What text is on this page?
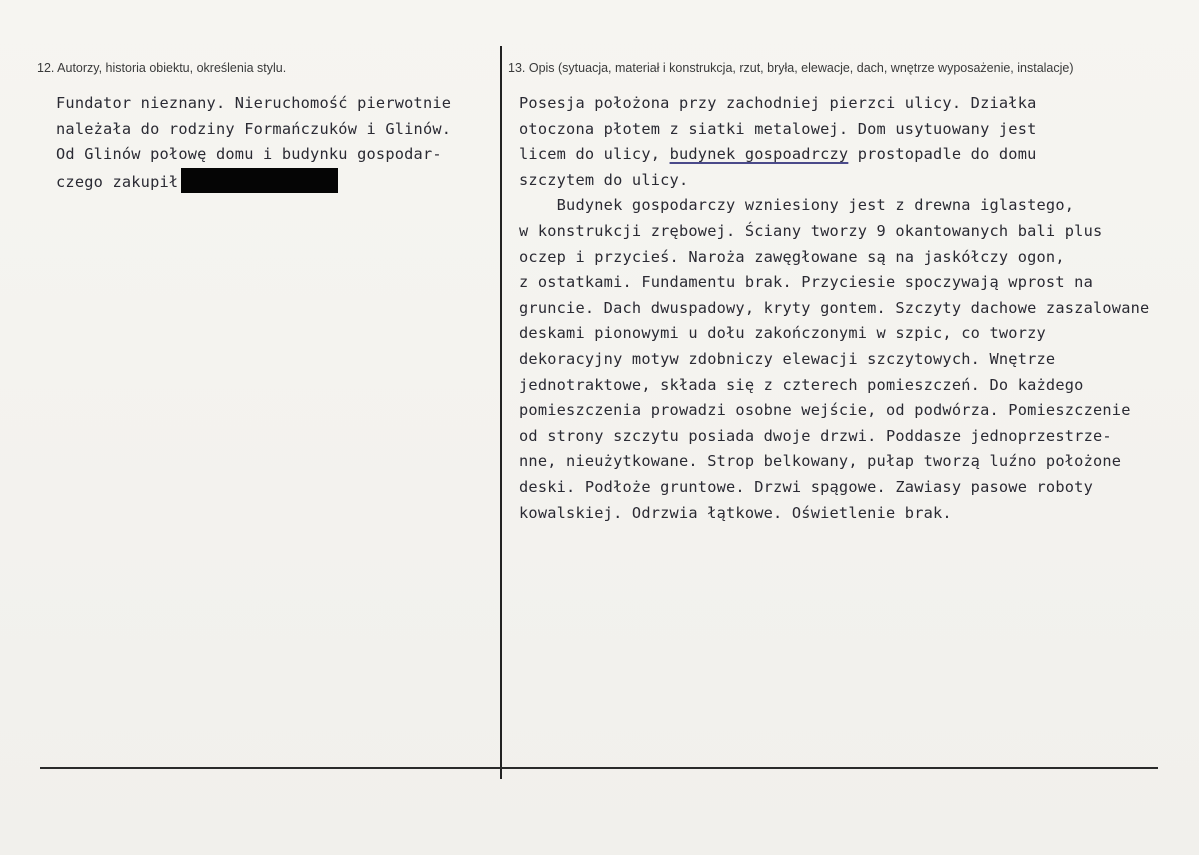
12. Autorzy, historia obiektu, określenia stylu.	13. Opis (sytuacja, materiał i konstrukcja, rzut, bryła, elewacje, dach, wnętrze wyposażenie, instalacje)
Fundator nieznany. Nieruchomość pierwotnie
należała do rodziny Formańczuków i Glinów.
Od Glinów połowę domu i budynku gospodar-
czego zakupił
Posesja położona przy zachodniej pierzci ulicy. Działka
otoczona płotem z siatki metalowej. Dom usytuowany jest
licem do ulicy, budynek gospoadrczy prostopadle do domu
szczytem do ulicy.
Budynek gospodarczy wzniesiony jest z drewna iglastego,
w konstrukcji zrębowej. Ściany tworzy 9 okantowanych bali plus
oczep i przycieś. Naroża zawęgłowane są na jaskółczy ogon,
z ostatkami. Fundamentu brak. Przyciesie spoczywają wprost na
gruncie. Dach dwuspadowy, kryty gontem. Szczyty dachowe zaszalowane
deskami pionowymi u dołu zakończonymi w szpic, co tworzy
dekoracyjny motyw zdobniczy elewacji szczytowych. Wnętrze
jednotraktowe, składa się z czterech pomieszczeń. Do każdego
pomieszczenia prowadzi osobne wejście, od podwórza. Pomieszczenie
od strony szczytu posiada dwoje drzwi. Poddasze jednoprzestrze-
nne, nieużytkowane. Strop belkowany, pułap tworzą luźno położone
deski. Podłoże gruntowe. Drzwi spągowe. Zawiasy pasowe roboty
kowalskiej. Odrzwia łątkowe. Oświetlenie brak.
